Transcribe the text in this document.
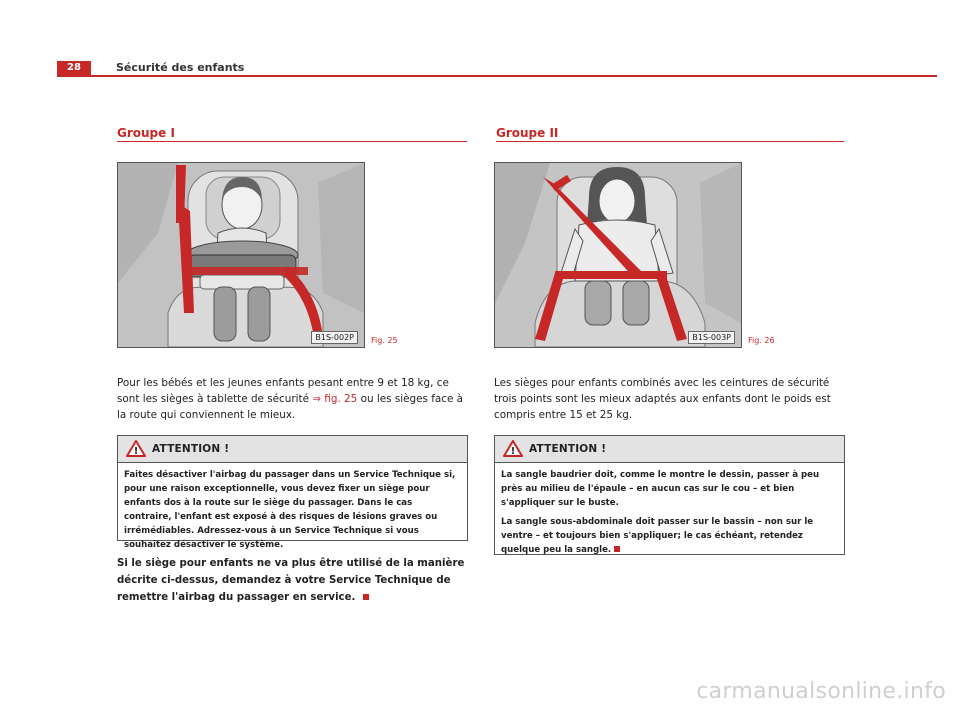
28	Sécurité des enfants
Groupe I
B1S-002P	Fig. 25
Pour les bébés et les jeunes enfants pesant entre 9 et 18 kg, ce sont les sièges à tablette de sécurité ⇒ fig. 25 ou les sièges face à la route qui conviennent le mieux.
! ATTENTION !

Faites désactiver l'airbag du passager dans un Service Technique si, pour une raison exceptionnelle, vous devez fixer un siège pour enfants dos à la route sur le siège du passager. Dans le cas contraire, l'enfant est exposé à des risques de lésions graves ou irrémédiables. Adressez-vous à un Service Technique si vous souhaitez désactiver le système.

Si le siège pour enfants ne va plus être utilisé de la manière décrite ci-dessus, demandez à votre Service Technique de remettre l'airbag du passager en service.
Groupe II
B1S-003P	Fig. 26
Les sièges pour enfants combinés avec les ceintures de sécurité trois points sont les mieux adaptés aux enfants dont le poids est compris entre 15 et 25 kg.
! ATTENTION !

La sangle baudrier doit, comme le montre le dessin, passer à peu près au milieu de l'épaule – en aucun cas sur le cou – et bien s'appliquer sur le buste.

La sangle sous-abdominale doit passer sur le bassin – non sur le ventre – et toujours bien s'appliquer; le cas échéant, retendez quelque peu la sangle.

carmanualsonline.info
